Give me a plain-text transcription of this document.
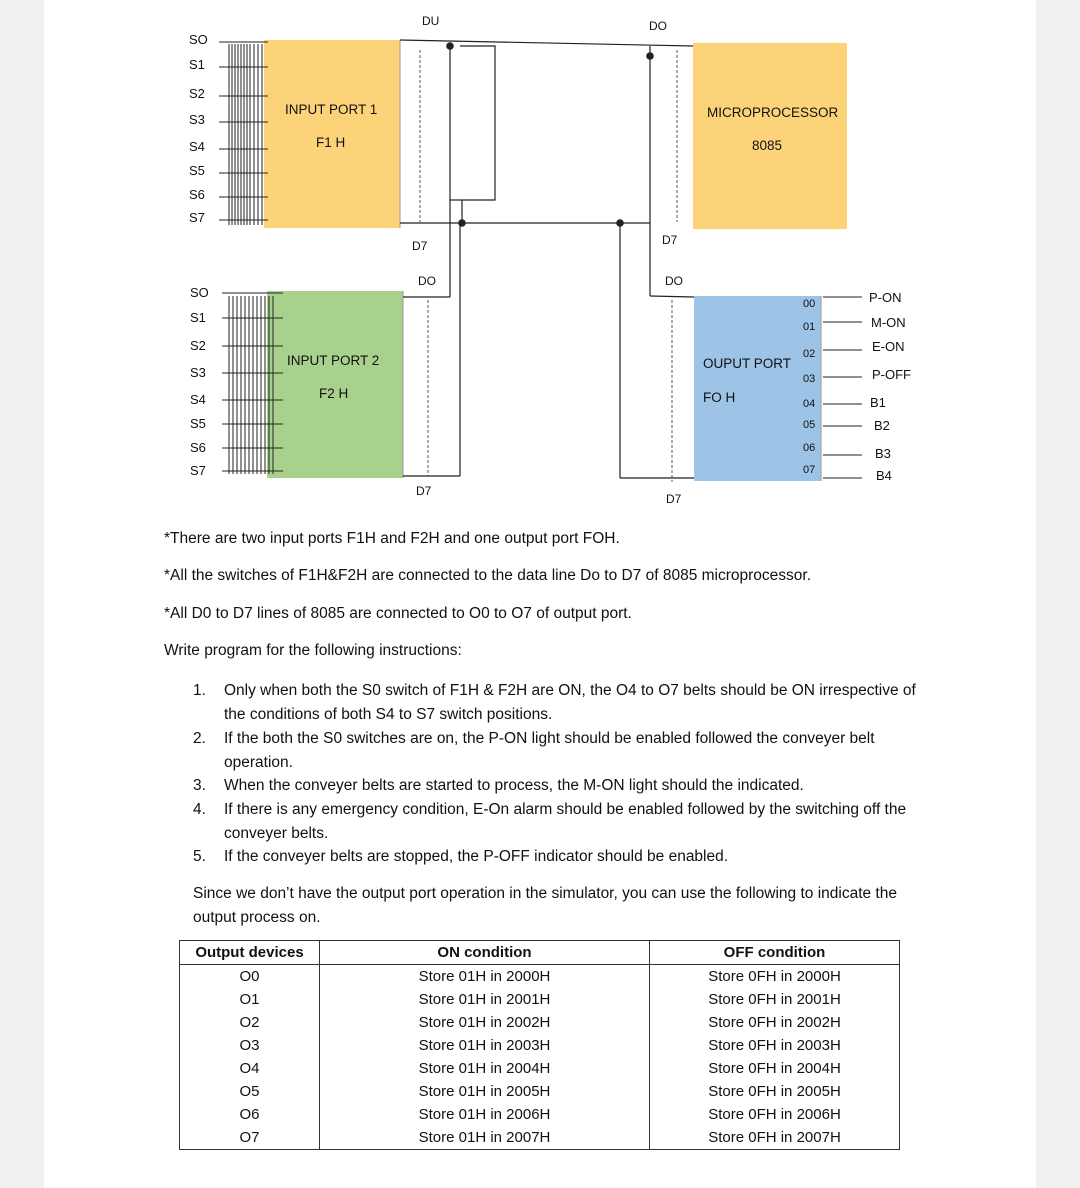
SO
S1
S2
S3
S4
S5
S6
S7
SO
S1
S2
S3
S4
S5
S6
S7
INPUT PORT 1
F1 H
INPUT PORT 2
F2 H
MICROPROCESSOR
8085
OUPUT PORT
FO H
DU
D7
DO
D7
DO
D7
DO
D7
00
01
02
03
04
05
06
07
P-ON
M-ON
E-ON
P-OFF
B1
B2
B3
B4
*There are two input ports F1H and F2H and one output port FOH.
*All the switches of F1H&F2H are connected to the data line Do to D7 of 8085 microprocessor.
*All D0 to D7 lines of 8085 are connected to O0 to O7 of output port.
Write program for the following instructions:
1. Only when both the S0 switch of F1H & F2H are ON, the O4 to O7 belts should be ON irrespective of the conditions of both S4 to S7 switch positions.
2. If the both the S0 switches are on, the P-ON light should be enabled followed the conveyer belt operation.
3. When the conveyer belts are started to process, the M-ON light should the indicated.
4. If there is any emergency condition, E-On alarm should be enabled followed by the switching off the conveyer belts.
5. If the conveyer belts are stopped, the P-OFF indicator should be enabled.
Since we don’t have the output port operation in the simulator, you can use the following to indicate the output process on.
Output devices	ON condition	OFF condition
O0	Store 01H in 2000H	Store 0FH in 2000H
O1	Store 01H in 2001H	Store 0FH in 2001H
O2	Store 01H in 2002H	Store 0FH in 2002H
O3	Store 01H in 2003H	Store 0FH in 2003H
O4	Store 01H in 2004H	Store 0FH in 2004H
O5	Store 01H in 2005H	Store 0FH in 2005H
O6	Store 01H in 2006H	Store 0FH in 2006H
O7	Store 01H in 2007H	Store 0FH in 2007H
